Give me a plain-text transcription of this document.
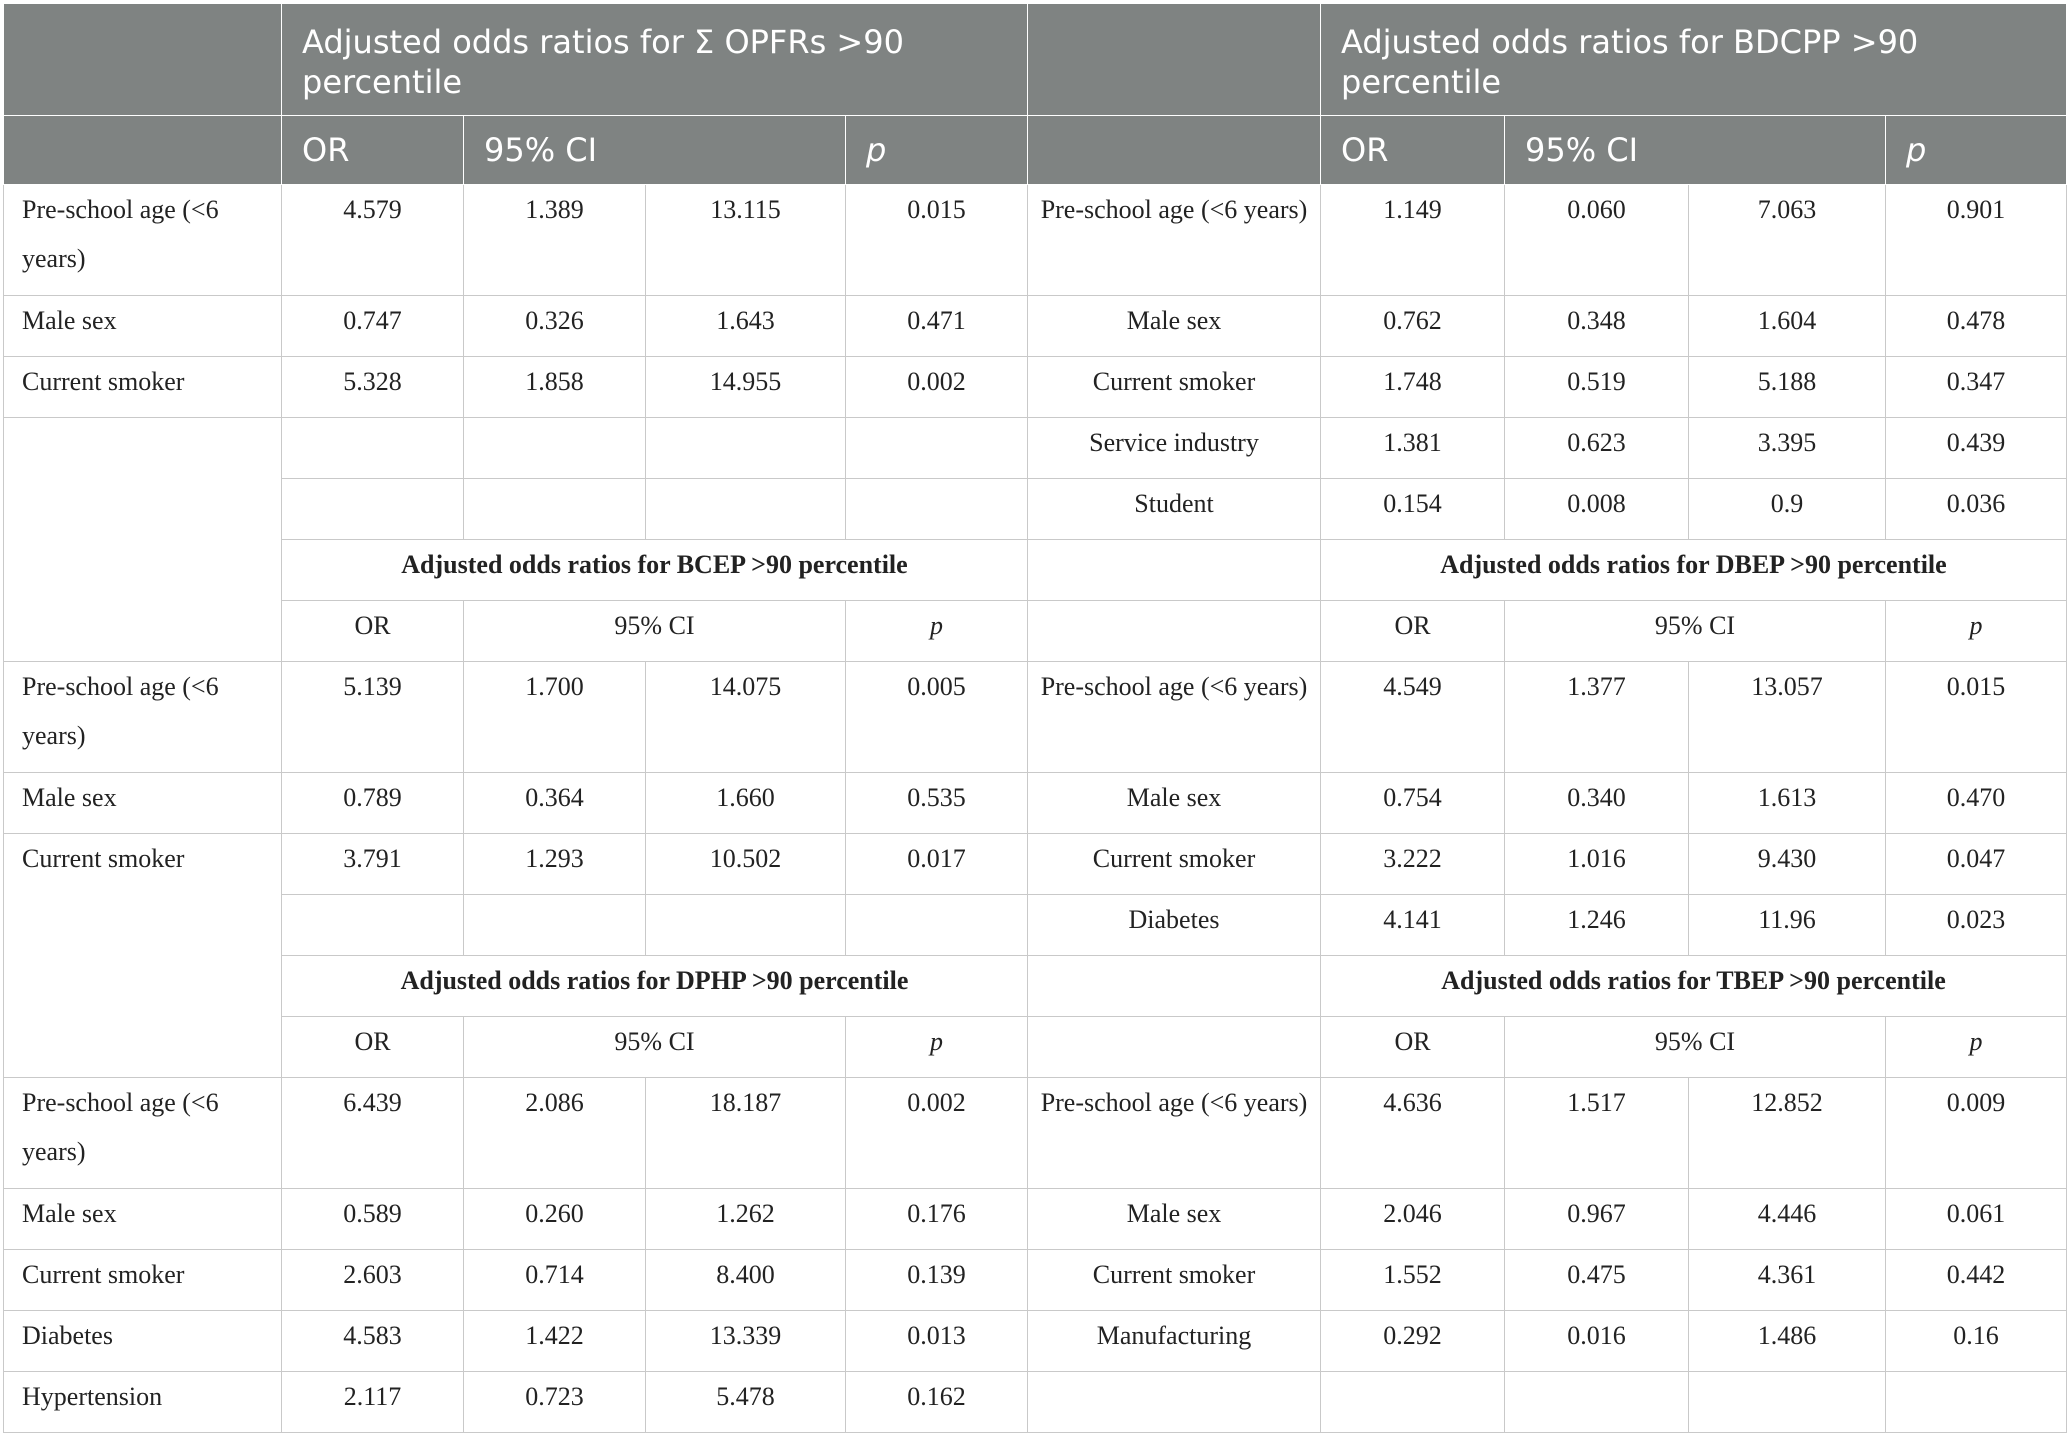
	Adjusted odds ratios for Σ OPFRs >90 percentile					Adjusted odds ratios for BDCPP >90 percentile			
	OR	95% CI		p		OR	95% CI		p
Pre-school age (<6 years)	4.579	1.389	13.115	0.015	Pre-school age (<6 years)	1.149	0.060	7.063	0.901
Male sex	0.747	0.326	1.643	0.471	Male sex	0.762	0.348	1.604	0.478
Current smoker	5.328	1.858	14.955	0.002	Current smoker	1.748	0.519	5.188	0.347
					Service industry	1.381	0.623	3.395	0.439
					Student	0.154	0.008	0.9	0.036
	Adjusted odds ratios for BCEP >90 percentile					Adjusted odds ratios for DBEP >90 percentile			
	OR	95% CI		p		OR	95% CI		p
Pre-school age (<6 years)	5.139	1.700	14.075	0.005	Pre-school age (<6 years)	4.549	1.377	13.057	0.015
Male sex	0.789	0.364	1.660	0.535	Male sex	0.754	0.340	1.613	0.470
Current smoker	3.791	1.293	10.502	0.017	Current smoker	3.222	1.016	9.430	0.047
					Diabetes	4.141	1.246	11.96	0.023
	Adjusted odds ratios for DPHP >90 percentile					Adjusted odds ratios for TBEP >90 percentile			
	OR	95% CI		p		OR	95% CI		p
Pre-school age (<6 years)	6.439	2.086	18.187	0.002	Pre-school age (<6 years)	4.636	1.517	12.852	0.009
Male sex	0.589	0.260	1.262	0.176	Male sex	2.046	0.967	4.446	0.061
Current smoker	2.603	0.714	8.400	0.139	Current smoker	1.552	0.475	4.361	0.442
Diabetes	4.583	1.422	13.339	0.013	Manufacturing	0.292	0.016	1.486	0.16
Hypertension	2.117	0.723	5.478	0.162					
